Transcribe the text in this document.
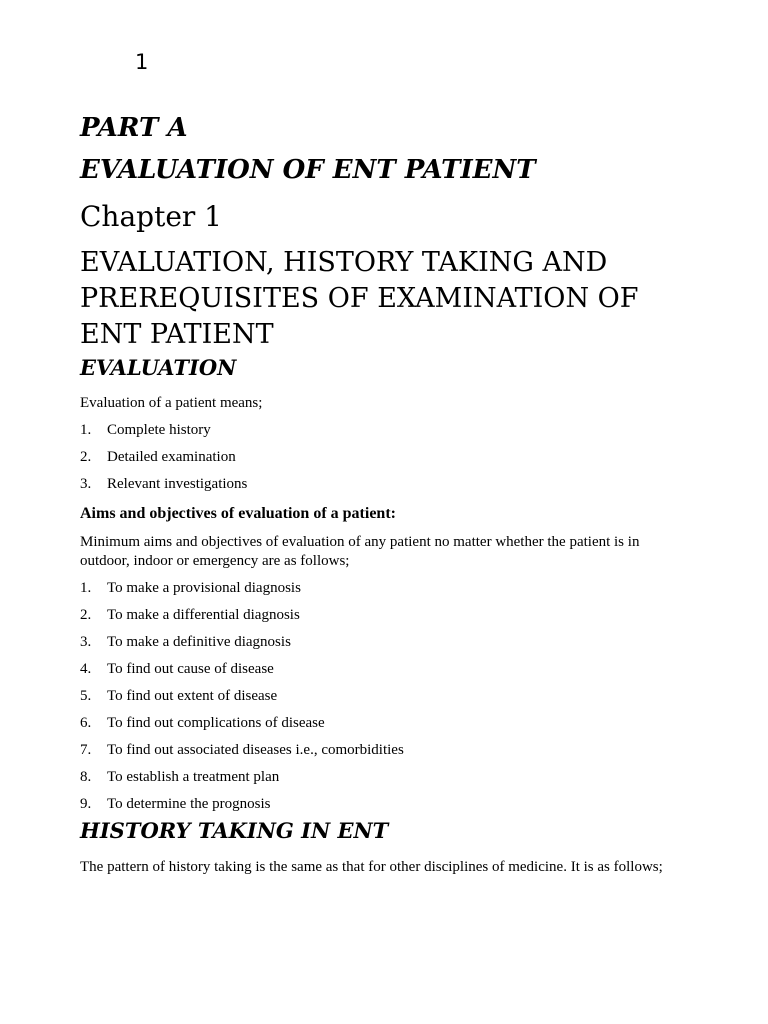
1
PART A
EVALUATION OF ENT PATIENT
Chapter 1
EVALUATION, HISTORY TAKING AND PREREQUISITES OF EXAMINATION OF ENT PATIENT
EVALUATION

Evaluation of a patient means;

1.	Complete history
2.	Detailed examination
3.	Relevant investigations
Aims and objectives of evaluation of a patient:

Minimum aims and objectives of evaluation of any patient no matter whether the patient is in outdoor, indoor or emergency are as follows;

1.	To make a provisional diagnosis
2.	To make a differential diagnosis
3.	To make a definitive diagnosis
4.	To find out cause of disease
5.	To find out extent of disease
6.	To find out complications of disease
7.	To find out associated diseases i.e., comorbidities
8.	To establish a treatment plan
9.	To determine the prognosis
HISTORY TAKING IN ENT

The pattern of history taking is the same as that for other disciplines of medicine. It is as follows;
